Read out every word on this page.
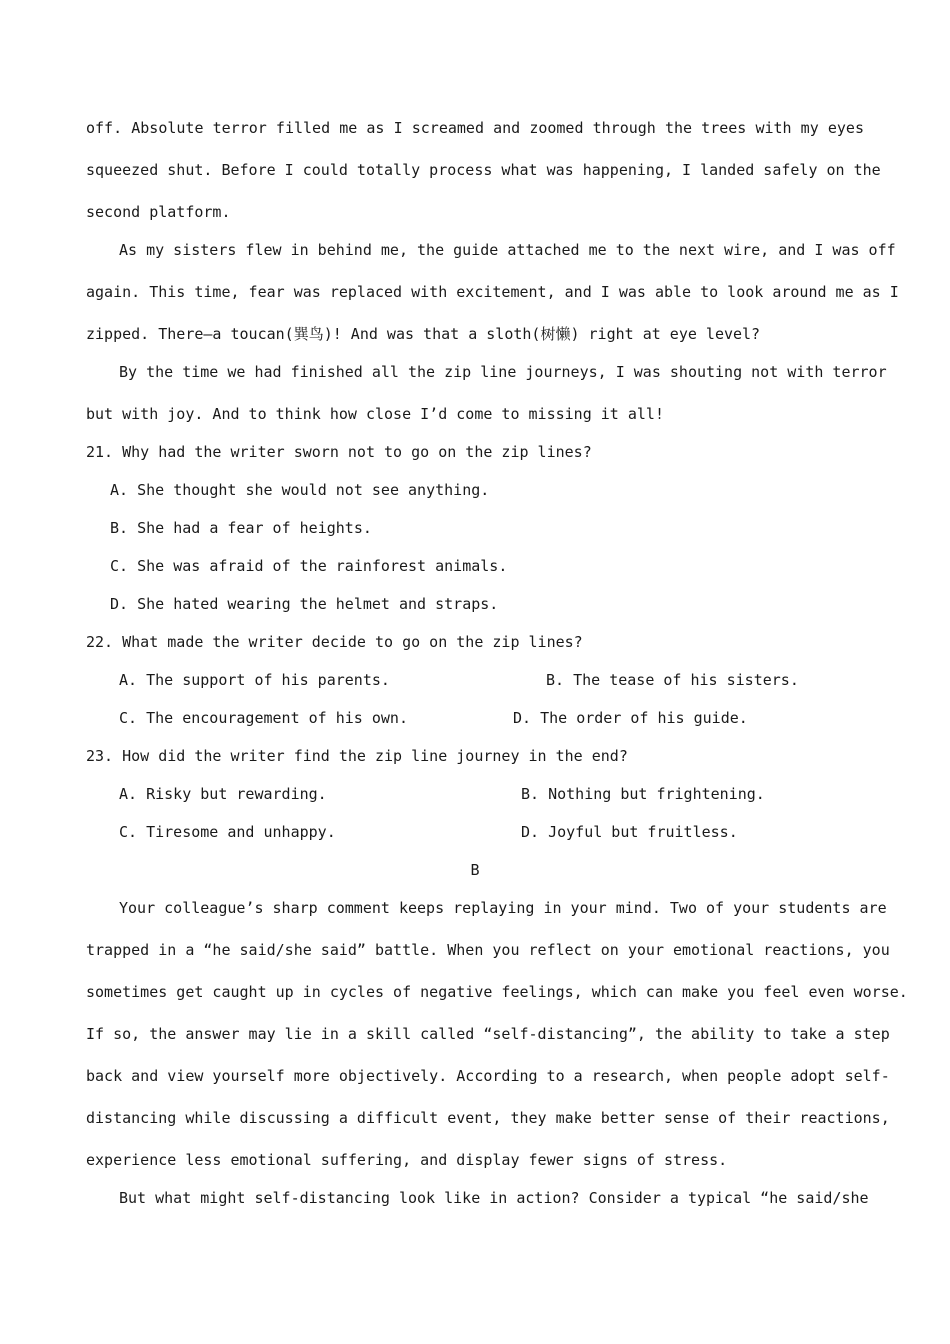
off. Absolute terror filled me as I screamed and zoomed through the trees with my eyes
squeezed shut. Before I could totally process what was happening, I landed safely on the
second platform.
As my sisters flew in behind me, the guide attached me to the next wire, and I was off
again. This time, fear was replaced with excitement, and I was able to look around me as I
zipped. There—a toucan(巽鸟)! And was that a sloth(树懒) right at eye level?
By the time we had finished all the zip line journeys, I was shouting not with terror
but with joy. And to think how close I’d come to missing it all!
21. Why had the writer sworn not to go on the zip lines?
A. She thought she would not see anything.
B. She had a fear of heights.
C. She was afraid of the rainforest animals.
D. She hated wearing the helmet and straps.
22. What made the writer decide to go on the zip lines?
A. The support of his parents.	B. The tease of his sisters.
C. The encouragement of his own.	D. The order of his guide.
23. How did the writer find the zip line journey in the end?
A. Risky but rewarding.	B. Nothing but frightening.
C. Tiresome and unhappy.	D. Joyful but fruitless.
B
Your colleague’s sharp comment keeps replaying in your mind. Two of your students are
trapped in a “he said/she said” battle. When you reflect on your emotional reactions, you
sometimes get caught up in cycles of negative feelings, which can make you feel even worse.
If so, the answer may lie in a skill called “self-distancing”, the ability to take a step
back and view yourself more objectively. According to a research, when people adopt self-
distancing while discussing a difficult event, they make better sense of their reactions,
experience less emotional suffering, and display fewer signs of stress.
But what might self-distancing look like in action? Consider a typical “he said/she
